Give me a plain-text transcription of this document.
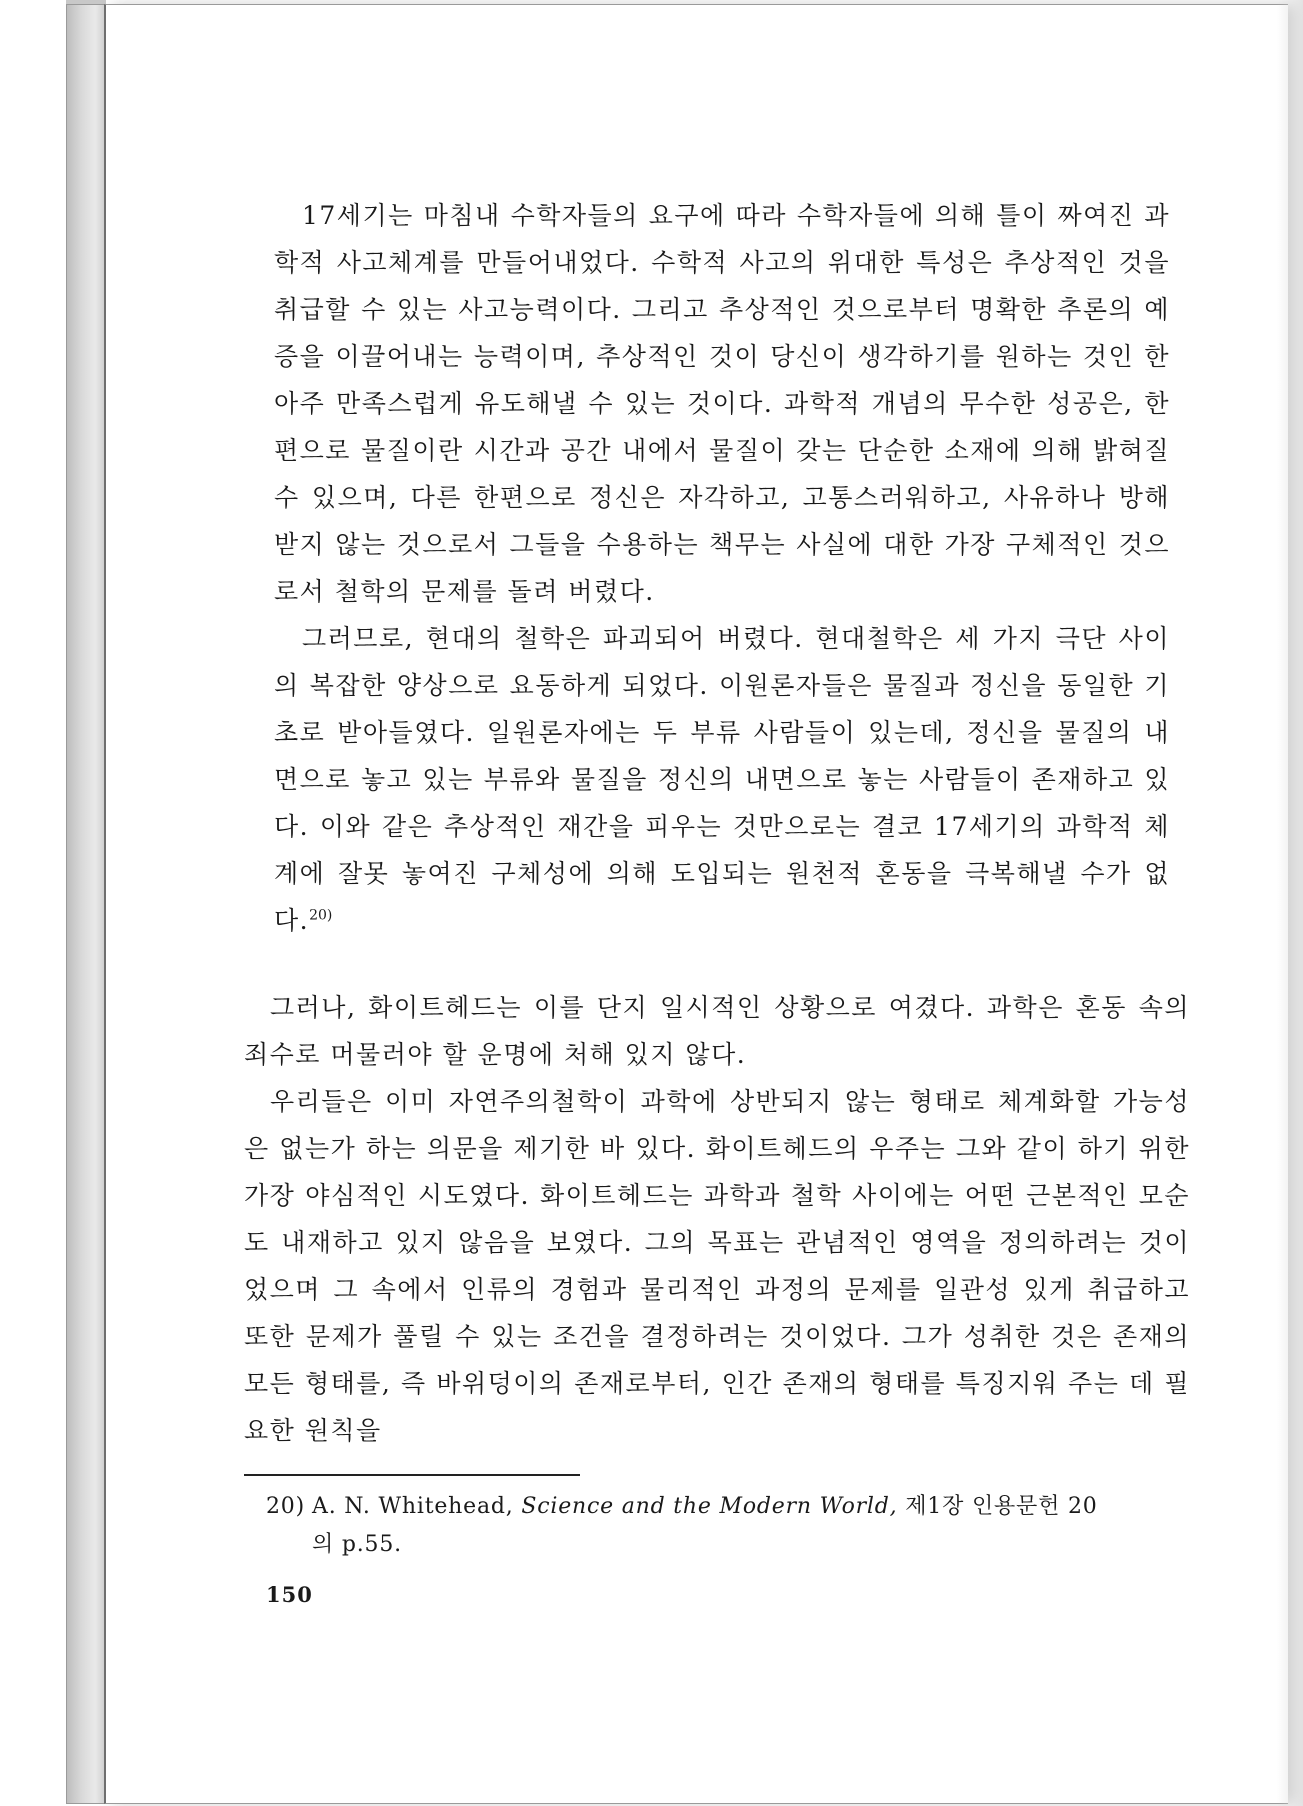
17세기는 마침내 수학자들의 요구에 따라 수학자들에 의해 틀이 짜여진 과학적 사고체계를 만들어내었다. 수학적 사고의 위대한 특성은 추상적인 것을 취급할 수 있는 사고능력이다. 그리고 추상적인 것으로부터 명확한 추론의 예증을 이끌어내는 능력이며, 추상적인 것이 당신이 생각하기를 원하는 것인 한 아주 만족스럽게 유도해낼 수 있는 것이다. 과학적 개념의 무수한 성공은, 한편으로 물질이란 시간과 공간 내에서 물질이 갖는 단순한 소재에 의해 밝혀질 수 있으며, 다른 한편으로 정신은 자각하고, 고통스러워하고, 사유하나 방해받지 않는 것으로서 그들을 수용하는 책무는 사실에 대한 가장 구체적인 것으로서 철학의 문제를 돌려 버렸다.

그러므로, 현대의 철학은 파괴되어 버렸다. 현대철학은 세 가지 극단 사이의 복잡한 양상으로 요동하게 되었다. 이원론자들은 물질과 정신을 동일한 기초로 받아들였다. 일원론자에는 두 부류 사람들이 있는데, 정신을 물질의 내면으로 놓고 있는 부류와 물질을 정신의 내면으로 놓는 사람들이 존재하고 있다. 이와 같은 추상적인 재간을 피우는 것만으로는 결코 17세기의 과학적 체계에 잘못 놓여진 구체성에 의해 도입되는 원천적 혼동을 극복해낼 수가 없다.$^{20)}$

그러나, 화이트헤드는 이를 단지 일시적인 상황으로 여겼다. 과학은 혼동 속의 죄수로 머물러야 할 운명에 처해 있지 않다.

우리들은 이미 자연주의철학이 과학에 상반되지 않는 형태로 체계화할 가능성은 없는가 하는 의문을 제기한 바 있다. 화이트헤드의 우주는 그와 같이 하기 위한 가장 야심적인 시도였다. 화이트헤드는 과학과 철학 사이에는 어떤 근본적인 모순도 내재하고 있지 않음을 보였다. 그의 목표는 관념적인 영역을 정의하려는 것이었으며 그 속에서 인류의 경험과 물리적인 과정의 문제를 일관성 있게 취급하고 또한 문제가 풀릴 수 있는 조건을 결정하려는 것이었다. 그가 성취한 것은 존재의 모든 형태를, 즉 바위덩이의 존재로부터, 인간 존재의 형태를 특징지워 주는 데 필요한 원칙을

20) A. N. Whitehead, Science and the Modern World, 제1장 인용문헌 20
의 p.55.
150
